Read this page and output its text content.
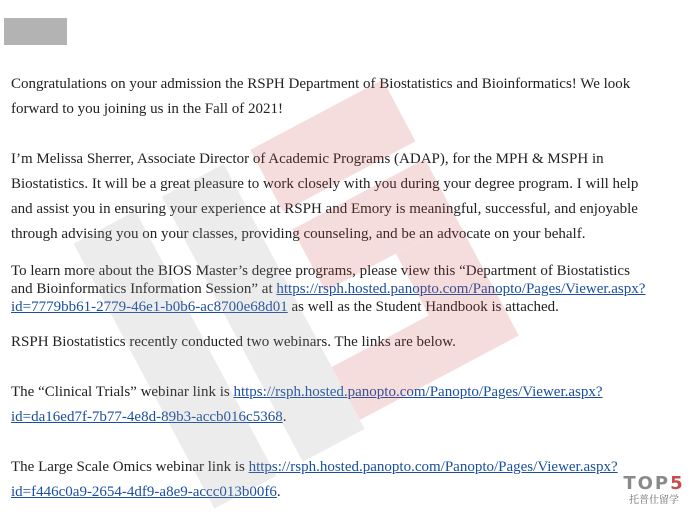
Congratulations on your admission the RSPH Department of Biostatistics and Bioinformatics! We look
forward to you joining us in the Fall of 2021!
I’m Melissa Sherrer, Associate Director of Academic Programs (ADAP), for the MPH & MSPH in
Biostatistics. It will be a great pleasure to work closely with you during your degree program. I will help
and assist you in ensuring your experience at RSPH and Emory is meaningful, successful, and enjoyable
through advising you on your classes, providing counseling, and be an advocate on your behalf.
To learn more about the BIOS Master’s degree programs, please view this “Department of Biostatistics
and Bioinformatics Information Session” at https://rsph.hosted.panopto.com/Panopto/Pages/Viewer.aspx?
id=7779bb61-2779-46e1-b0b6-ac8700e68d01 as well as the Student Handbook is attached.
RSPH Biostatistics recently conducted two webinars. The links are below.
The “Clinical Trials” webinar link is https://rsph.hosted.panopto.com/Panopto/Pages/Viewer.aspx?
id=da16ed7f-7b77-4e8d-89b3-accb016c5368.
The Large Scale Omics webinar link is https://rsph.hosted.panopto.com/Panopto/Pages/Viewer.aspx?
id=f446c0a9-2654-4df9-a8e9-accc013b00f6.	TOP5
托普仕留学
